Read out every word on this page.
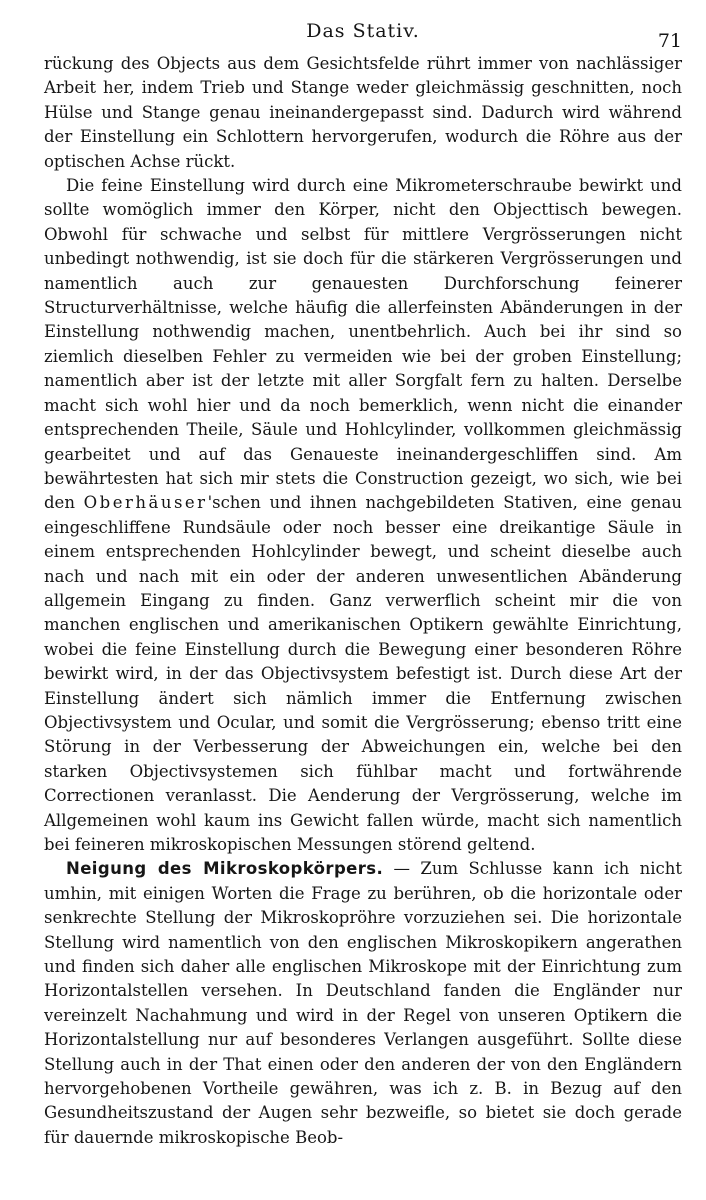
Das Stativ.	71

rückung des Objects aus dem Gesichtsfelde rührt immer von nachlässiger Arbeit her, indem Trieb und Stange weder gleichmässig geschnitten, noch Hülse und Stange genau ineinandergepasst sind. Dadurch wird während der Einstellung ein Schlottern hervorgerufen, wodurch die Röhre aus der optischen Achse rückt.

Die feine Einstellung wird durch eine Mikrometerschraube bewirkt und sollte womöglich immer den Körper, nicht den Objecttisch bewegen. Obwohl für schwache und selbst für mittlere Vergrösserungen nicht unbedingt nothwendig, ist sie doch für die stärkeren Vergrösserungen und namentlich auch zur genauesten Durchforschung feinerer Structurverhältnisse, welche häufig die allerfeinsten Abänderungen in der Einstellung nothwendig machen, unentbehrlich. Auch bei ihr sind so ziemlich dieselben Fehler zu vermeiden wie bei der groben Einstellung; namentlich aber ist der letzte mit aller Sorgfalt fern zu halten. Derselbe macht sich wohl hier und da noch bemerklich, wenn nicht die einander entsprechenden Theile, Säule und Hohlcylinder, vollkommen gleichmässig gearbeitet und auf das Genaueste ineinandergeschliffen sind. Am bewährtesten hat sich mir stets die Construction gezeigt, wo sich, wie bei den Oberhäuser'schen und ihnen nachgebildeten Stativen, eine genau eingeschliffene Rundsäule oder noch besser eine dreikantige Säule in einem entsprechenden Hohlcylinder bewegt, und scheint dieselbe auch nach und nach mit ein oder der anderen unwesentlichen Abänderung allgemein Eingang zu finden. Ganz verwerflich scheint mir die von manchen englischen und amerikanischen Optikern gewählte Einrichtung, wobei die feine Einstellung durch die Bewegung einer besonderen Röhre bewirkt wird, in der das Objectivsystem befestigt ist. Durch diese Art der Einstellung ändert sich nämlich immer die Entfernung zwischen Objectivsystem und Ocular, und somit die Vergrösserung; ebenso tritt eine Störung in der Verbesserung der Abweichungen ein, welche bei den starken Objectivsystemen sich fühlbar macht und fortwährende Correctionen veranlasst. Die Aenderung der Vergrösserung, welche im Allgemeinen wohl kaum ins Gewicht fallen würde, macht sich namentlich bei feineren mikroskopischen Messungen störend geltend.

Neigung des Mikroskopkörpers. — Zum Schlusse kann ich nicht umhin, mit einigen Worten die Frage zu berühren, ob die horizontale oder senkrechte Stellung der Mikroskopröhre vorzuziehen sei. Die horizontale Stellung wird namentlich von den englischen Mikroskopikern angerathen und finden sich daher alle englischen Mikroskope mit der Einrichtung zum Horizontalstellen versehen. In Deutschland fanden die Engländer nur vereinzelt Nachahmung und wird in der Regel von unseren Optikern die Horizontalstellung nur auf besonderes Verlangen ausgeführt. Sollte diese Stellung auch in der That einen oder den anderen der von den Engländern hervorgehobenen Vortheile gewähren, was ich z. B. in Bezug auf den Gesundheitszustand der Augen sehr bezweifle, so bietet sie doch gerade für dauernde mikroskopische Beob-
